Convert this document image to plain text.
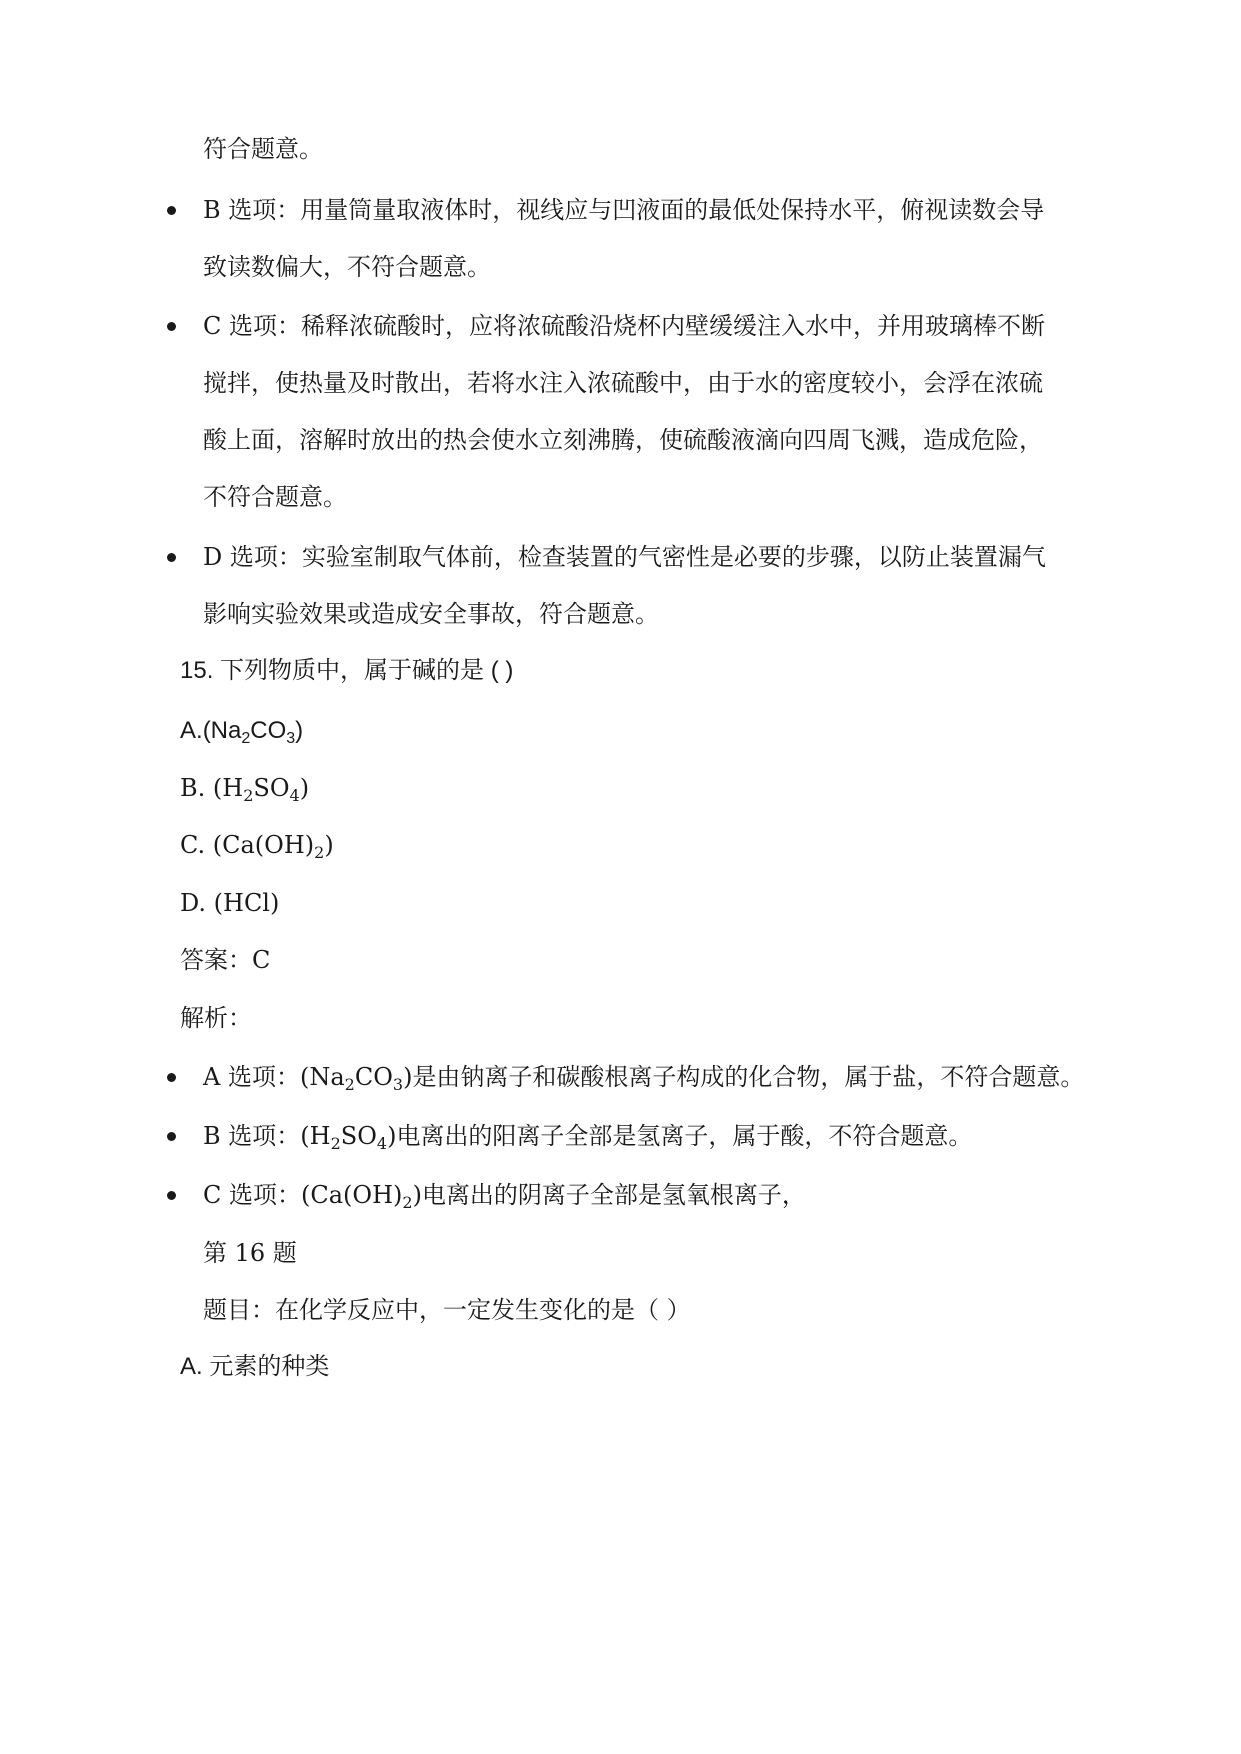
符合题意。
B 选项：用量筒量取液体时，视线应与凹液面的最低处保持水平，俯视读数会导
致读数偏大，不符合题意。
C 选项：稀释浓硫酸时，应将浓硫酸沿烧杯内壁缓缓注入水中，并用玻璃棒不断
搅拌，使热量及时散出，若将水注入浓硫酸中，由于水的密度较小，会浮在浓硫
酸上面，溶解时放出的热会使水立刻沸腾，使硫酸液滴向四周飞溅，造成危险，
不符合题意。
D 选项：实验室制取气体前，检查装置的气密性是必要的步骤，以防止装置漏气
影响实验效果或造成安全事故，符合题意。
15. 下列物质中，属于碱的是 ( )
$A.(Na_2CO_3)$
B. $(H_2SO_4)$
C. $(Ca(OH)_2)$
D. (HCl)
答案：C
解析：
A 选项：$(Na_2CO_3)$是由钠离子和碳酸根离子构成的化合物，属于盐，不符合题意。
B 选项：$(H_2SO_4)$电离出的阳离子全部是氢离子，属于酸，不符合题意。
C 选项：$(Ca(OH)_2)$电离出的阴离子全部是氢氧根离子，
第 16 题
题目：在化学反应中，一定发生变化的是（ ）
A. 元素的种类
